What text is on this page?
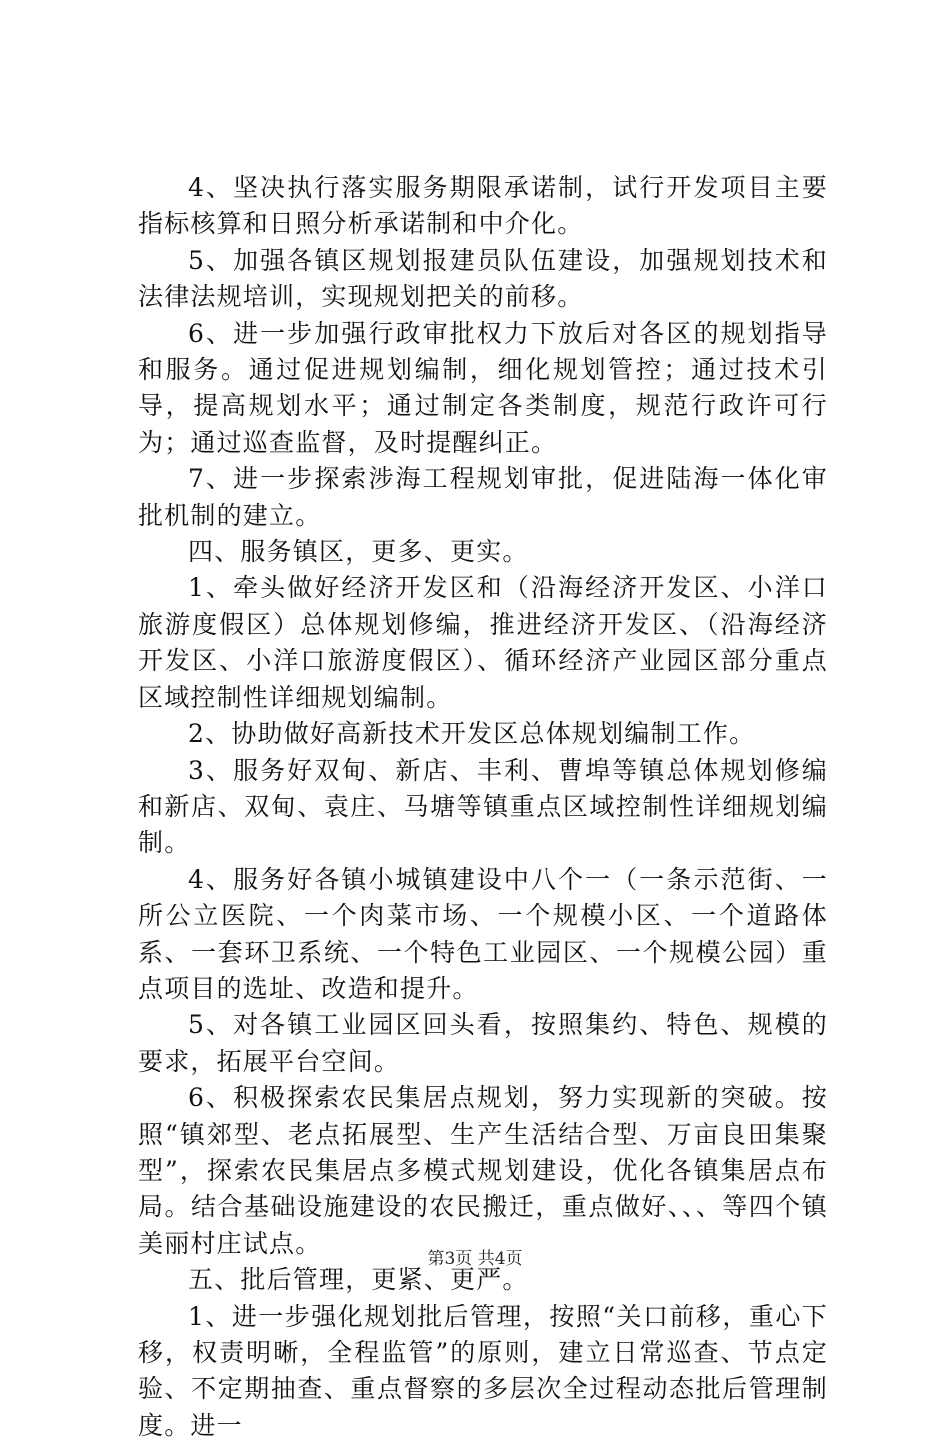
4、坚决执行落实服务期限承诺制，试行开发项目主要指标核算和日照分析承诺制和中介化。

5、加强各镇区规划报建员队伍建设，加强规划技术和法律法规培训，实现规划把关的前移。

6、进一步加强行政审批权力下放后对各区的规划指导和服务。通过促进规划编制，细化规划管控；通过技术引导，提高规划水平；通过制定各类制度，规范行政许可行为；通过巡查监督，及时提醒纠正。

7、进一步探索涉海工程规划审批，促进陆海一体化审批机制的建立。

四、服务镇区，更多、更实。

1、牵头做好经济开发区和（沿海经济开发区、小洋口旅游度假区）总体规划修编，推进经济开发区、（沿海经济开发区、小洋口旅游度假区）、循环经济产业园区部分重点区域控制性详细规划编制。

2、协助做好高新技术开发区总体规划编制工作。

3、服务好双甸、新店、丰利、曹埠等镇总体规划修编和新店、双甸、袁庄、马塘等镇重点区域控制性详细规划编制。

4、服务好各镇小城镇建设中八个一（一条示范街、一所公立医院、一个肉菜市场、一个规模小区、一个道路体系、一套环卫系统、一个特色工业园区、一个规模公园）重点项目的选址、改造和提升。

5、对各镇工业园区回头看，按照集约、特色、规模的要求，拓展平台空间。

6、积极探索农民集居点规划，努力实现新的突破。按照“镇郊型、老点拓展型、生产生活结合型、万亩良田集聚型”，探索农民集居点多模式规划建设，优化各镇集居点布局。结合基础设施建设的农民搬迁，重点做好、、、等四个镇美丽村庄试点。

五、批后管理，更紧、更严。

1、进一步强化规划批后管理，按照“关口前移，重心下移，权责明晰，全程监管”的原则，建立日常巡查、节点定验、不定期抽查、重点督察的多层次全过程动态批后管理制度。进一

第3页 共4页
